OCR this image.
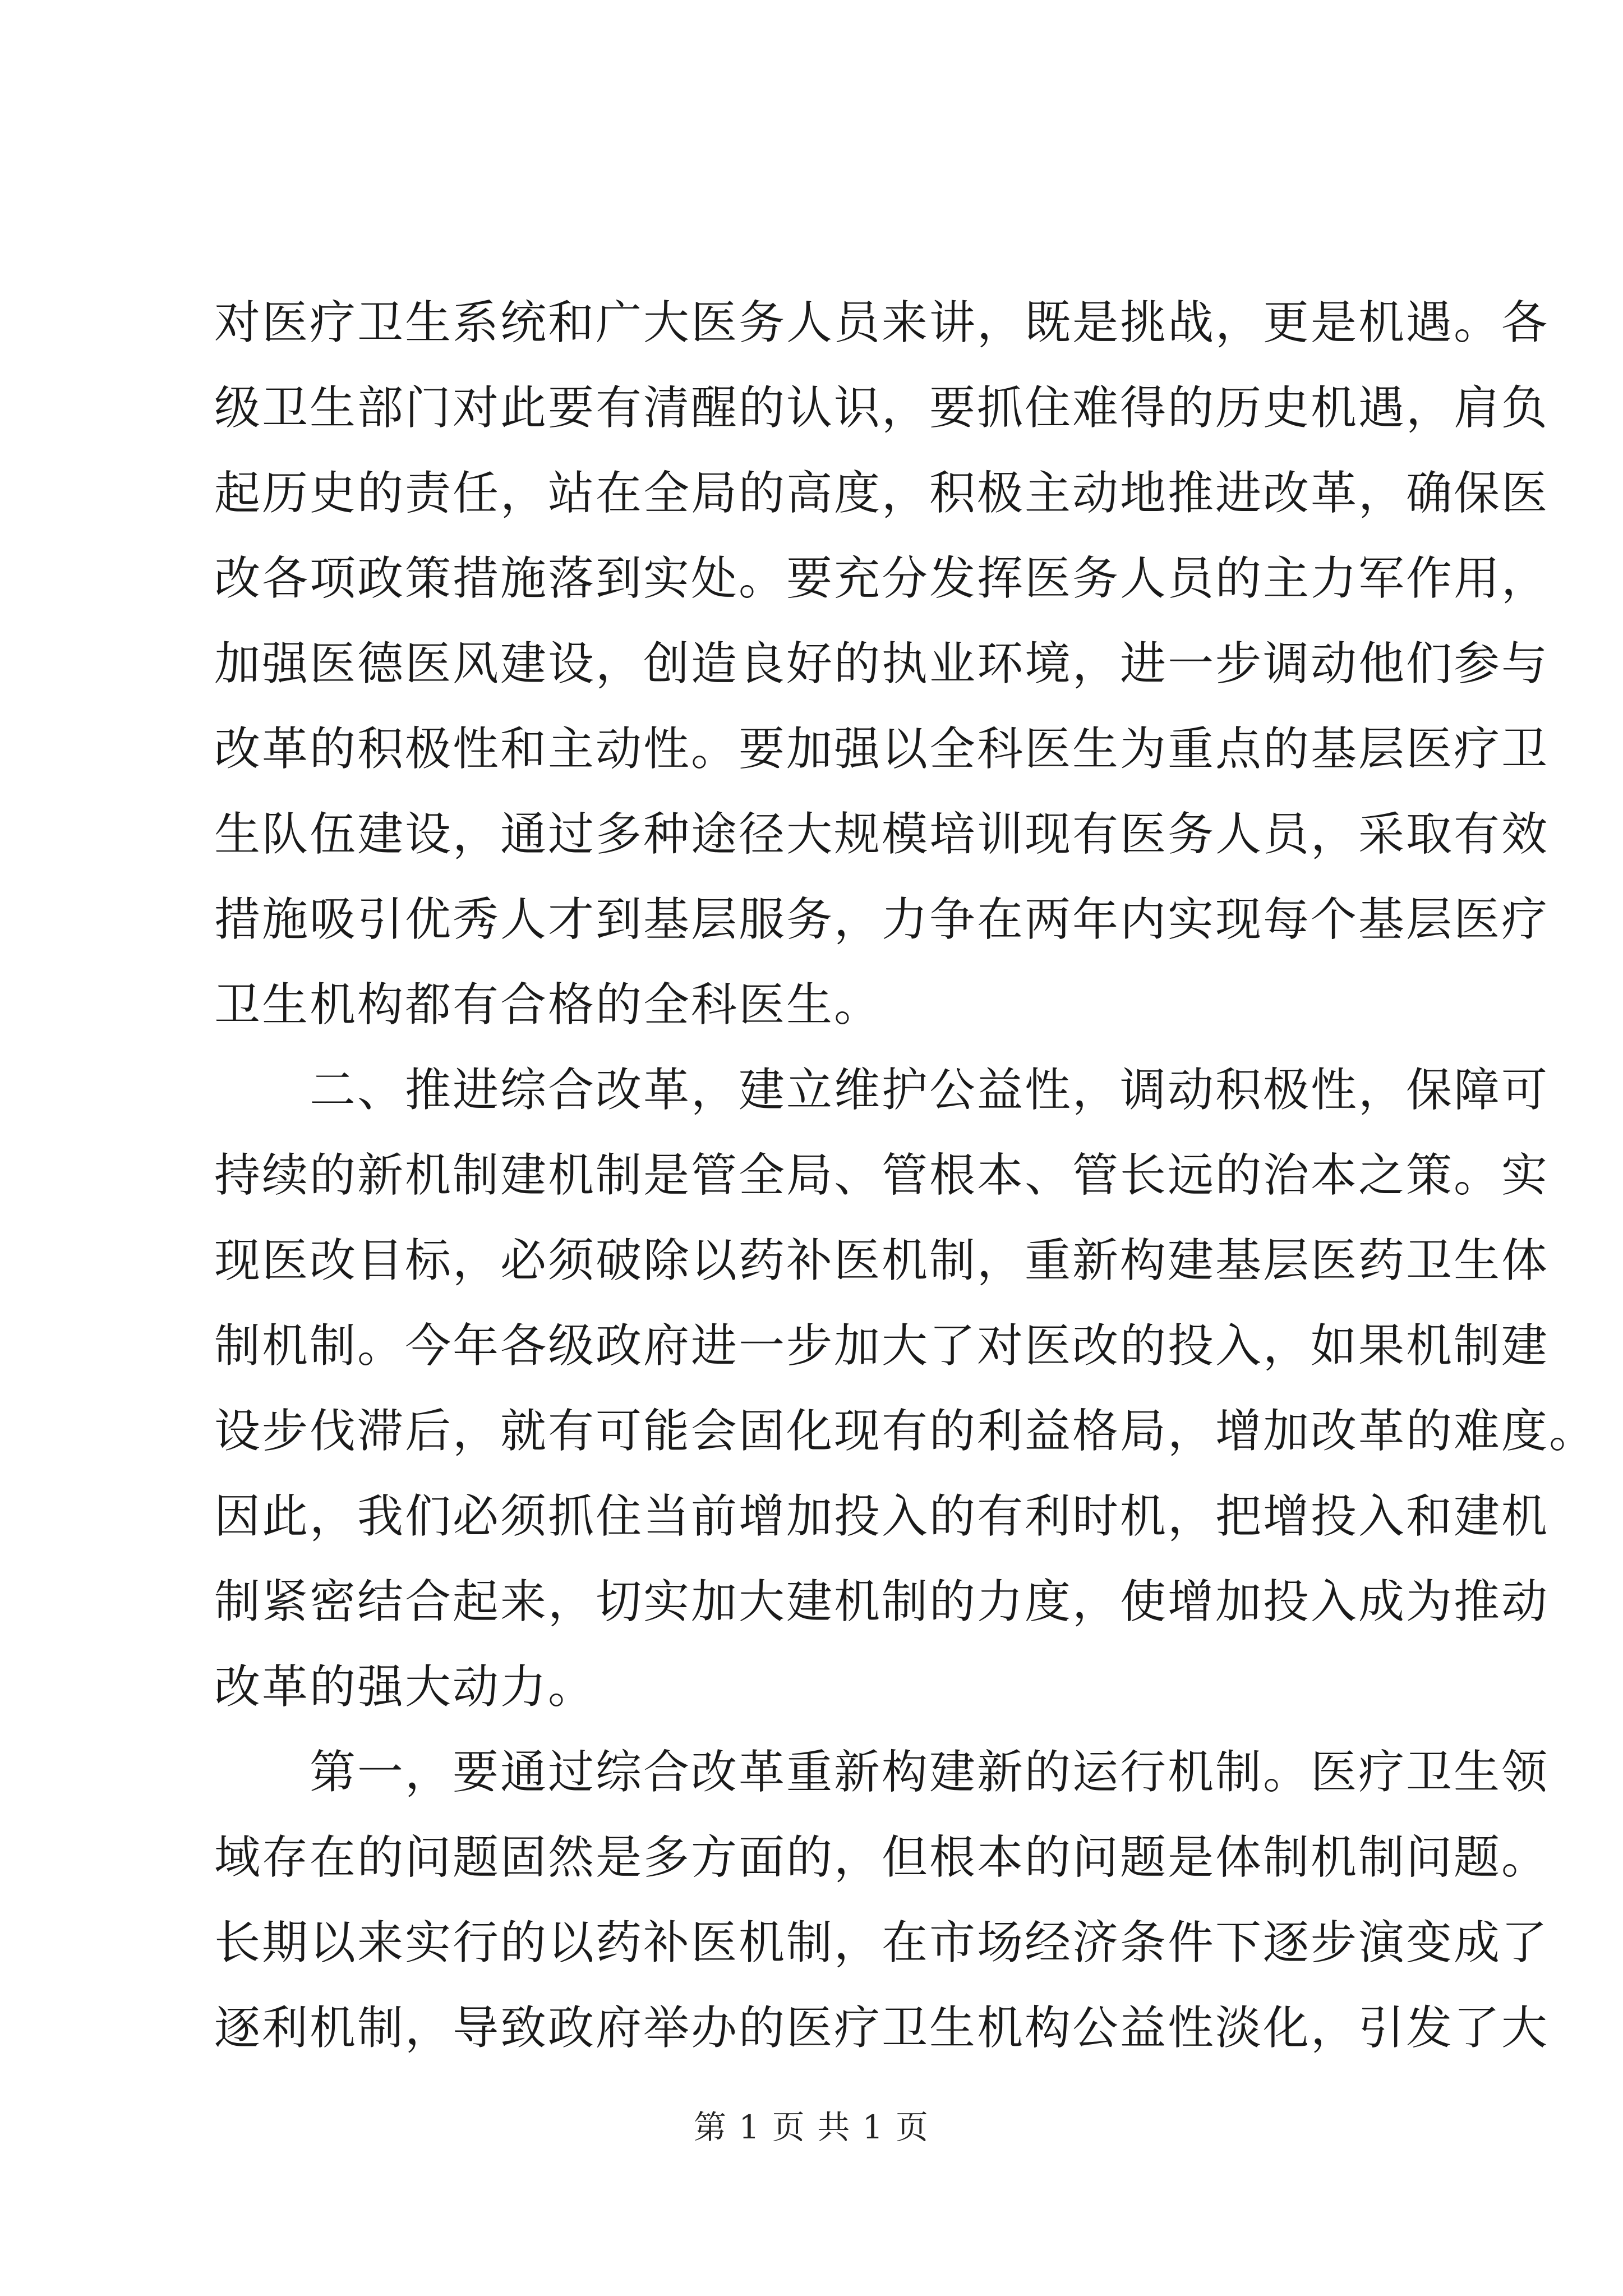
对医疗卫生系统和广大医务人员来讲，既是挑战，更是机遇。各
级卫生部门对此要有清醒的认识，要抓住难得的历史机遇，肩负
起历史的责任，站在全局的高度，积极主动地推进改革，确保医
改各项政策措施落到实处。要充分发挥医务人员的主力军作用，
加强医德医风建设，创造良好的执业环境，进一步调动他们参与
改革的积极性和主动性。要加强以全科医生为重点的基层医疗卫
生队伍建设，通过多种途径大规模培训现有医务人员，采取有效
措施吸引优秀人才到基层服务，力争在两年内实现每个基层医疗
卫生机构都有合格的全科医生。
二、推进综合改革，建立维护公益性，调动积极性，保障可
持续的新机制建机制是管全局、管根本、管长远的治本之策。实
现医改目标，必须破除以药补医机制，重新构建基层医药卫生体
制机制。今年各级政府进一步加大了对医改的投入，如果机制建
设步伐滞后，就有可能会固化现有的利益格局，增加改革的难度。
因此，我们必须抓住当前增加投入的有利时机，把增投入和建机
制紧密结合起来，切实加大建机制的力度，使增加投入成为推动
改革的强大动力。
第一，要通过综合改革重新构建新的运行机制。医疗卫生领
域存在的问题固然是多方面的，但根本的问题是体制机制问题。
长期以来实行的以药补医机制，在市场经济条件下逐步演变成了
逐利机制，导致政府举办的医疗卫生机构公益性淡化，引发了大
第 1 页 共 1 页
